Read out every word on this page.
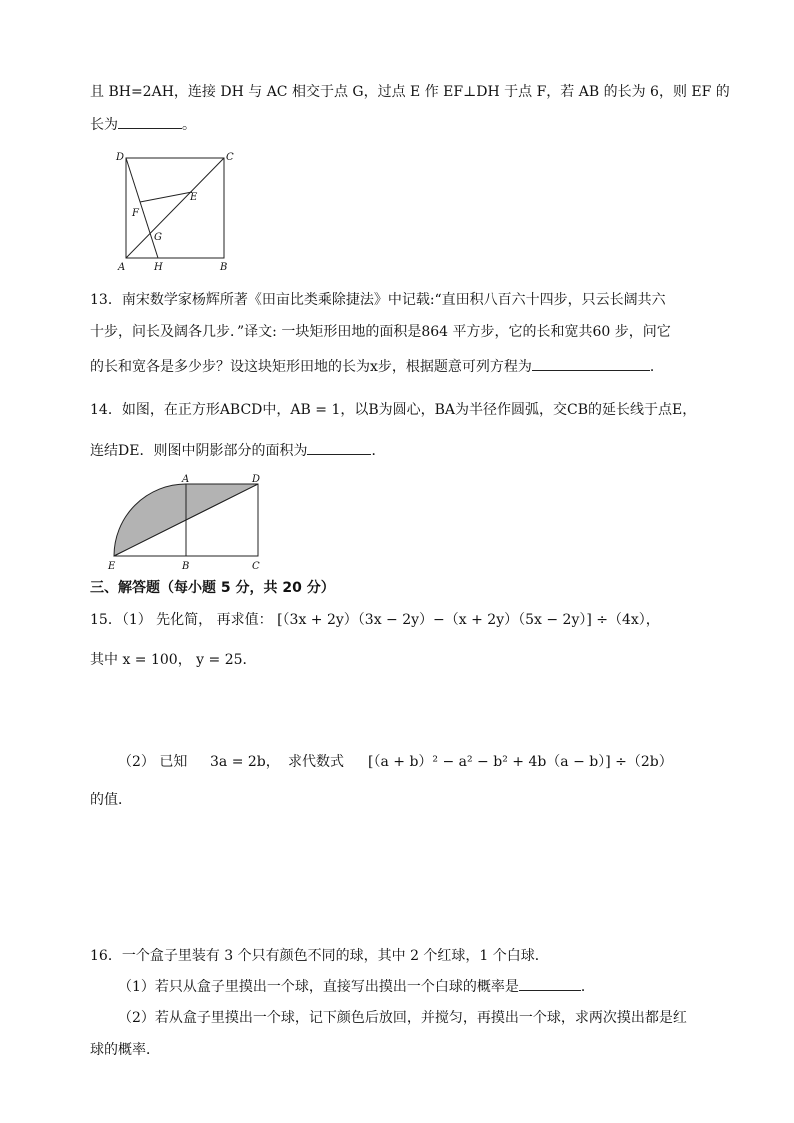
且 BH=2AH，连接 DH 与 AC 相交于点 G，过点 E 作 EF⊥DH 于点 F，若 AB 的长为 6，则 EF 的
长为	。
D	C
F
E
G
A	H	B
13．南宋数学家杨辉所著《田亩比类乘除捷法》中记载:“直田积八百六十四步，只云长阔共六
十步，问长及阔各几步．”译文: 一块矩形田地的面积是864 平方步，它的长和宽共60 步，问它
的长和宽各是多少步？设这块矩形田地的长为x步，根据题意可列方程为	．
14．如图，在正方形ABCD中，AB = 1，以B为圆心，BA为半径作圆弧，交CB的延长线于点E，
连结DE．则图中阴影部分的面积为	．
A	D
E	B	C
三、解答题（每小题 5 分，共 20 分）
15．（1） 先化简， 再求值： [（3x + 2y）（3x − 2y）−（x + 2y）（5x − 2y）] ÷（4x），
其中 x = 100， y = 25．
（2） 已知 3a = 2b， 求代数式 [（a + b）² − a² − b² + 4b（a − b）] ÷（2b）
的值．
16．一个盒子里装有 3 个只有颜色不同的球，其中 2 个红球，1 个白球．
（1）若只从盒子里摸出一个球，直接写出摸出一个白球的概率是	．
（2）若从盒子里摸出一个球，记下颜色后放回，并搅匀，再摸出一个球，求两次摸出都是红
球的概率．
